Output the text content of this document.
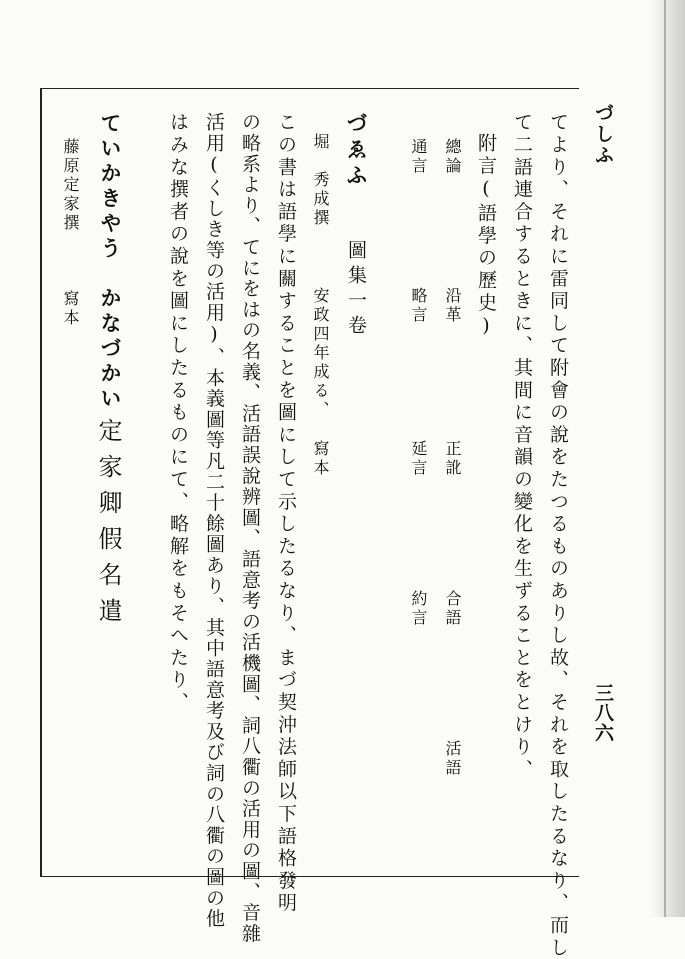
づしふ
三八六
てより、それに雷同して附會の說をたつるものありし故、それを取したるなり、而し
て二語連合するときに、其間に音韻の變化を生ずることをとけり、
附言(語學の歷史)
總論
沿革
正訛
合語
活語
通言
略言
延言
約言
づゑふ
圖集一卷
堀　秀成撰
安政四年成る、
寫本
この書は語學に關することを圖にして示したるなり、まづ契沖法師以下語格發明
の略系より、てにをはの名義、活語誤說辨圖、語意考の活機圖、詞八衢の活用の圖、音雜
活用(くしき等の活用)、本義圖等凡二十餘圖あり、其中語意考及び詞の八衢の圖の他
はみな撰者の說を圖にしたるものにて、略解をもそへたり、
ていかきやう　かなづかい
定家卿假名遣
藤原定家撰
寫本
